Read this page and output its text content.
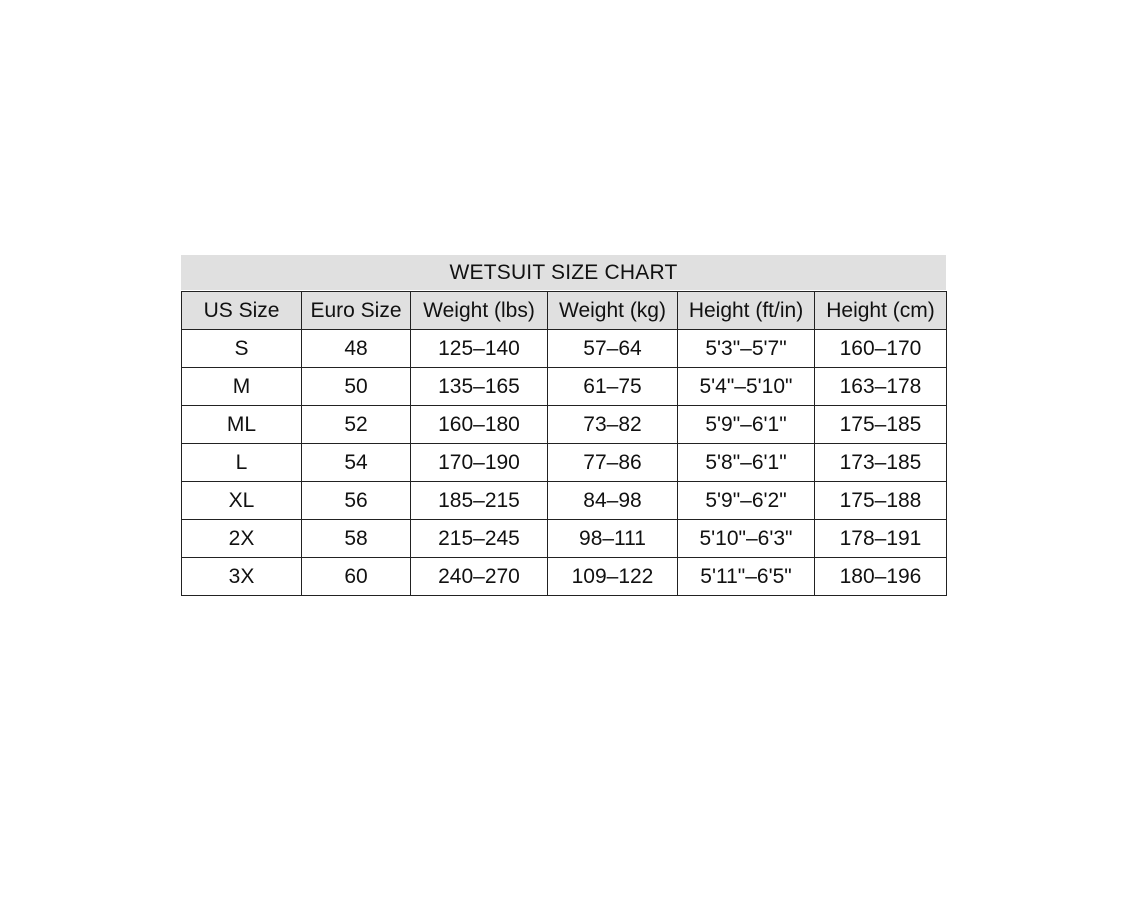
WETSUIT SIZE CHART
US Size	Euro Size	Weight (lbs)	Weight (kg)	Height (ft/in)	Height (cm)
S	48	125–140	57–64	5'3"–5'7"	160–170
M	50	135–165	61–75	5'4"–5'10"	163–178
ML	52	160–180	73–82	5'9"–6'1"	175–185
L	54	170–190	77–86	5'8"–6'1"	173–185
XL	56	185–215	84–98	5'9"–6'2"	175–188
2X	58	215–245	98–111	5'10"–6'3"	178–191
3X	60	240–270	109–122	5'11"–6'5"	180–196
